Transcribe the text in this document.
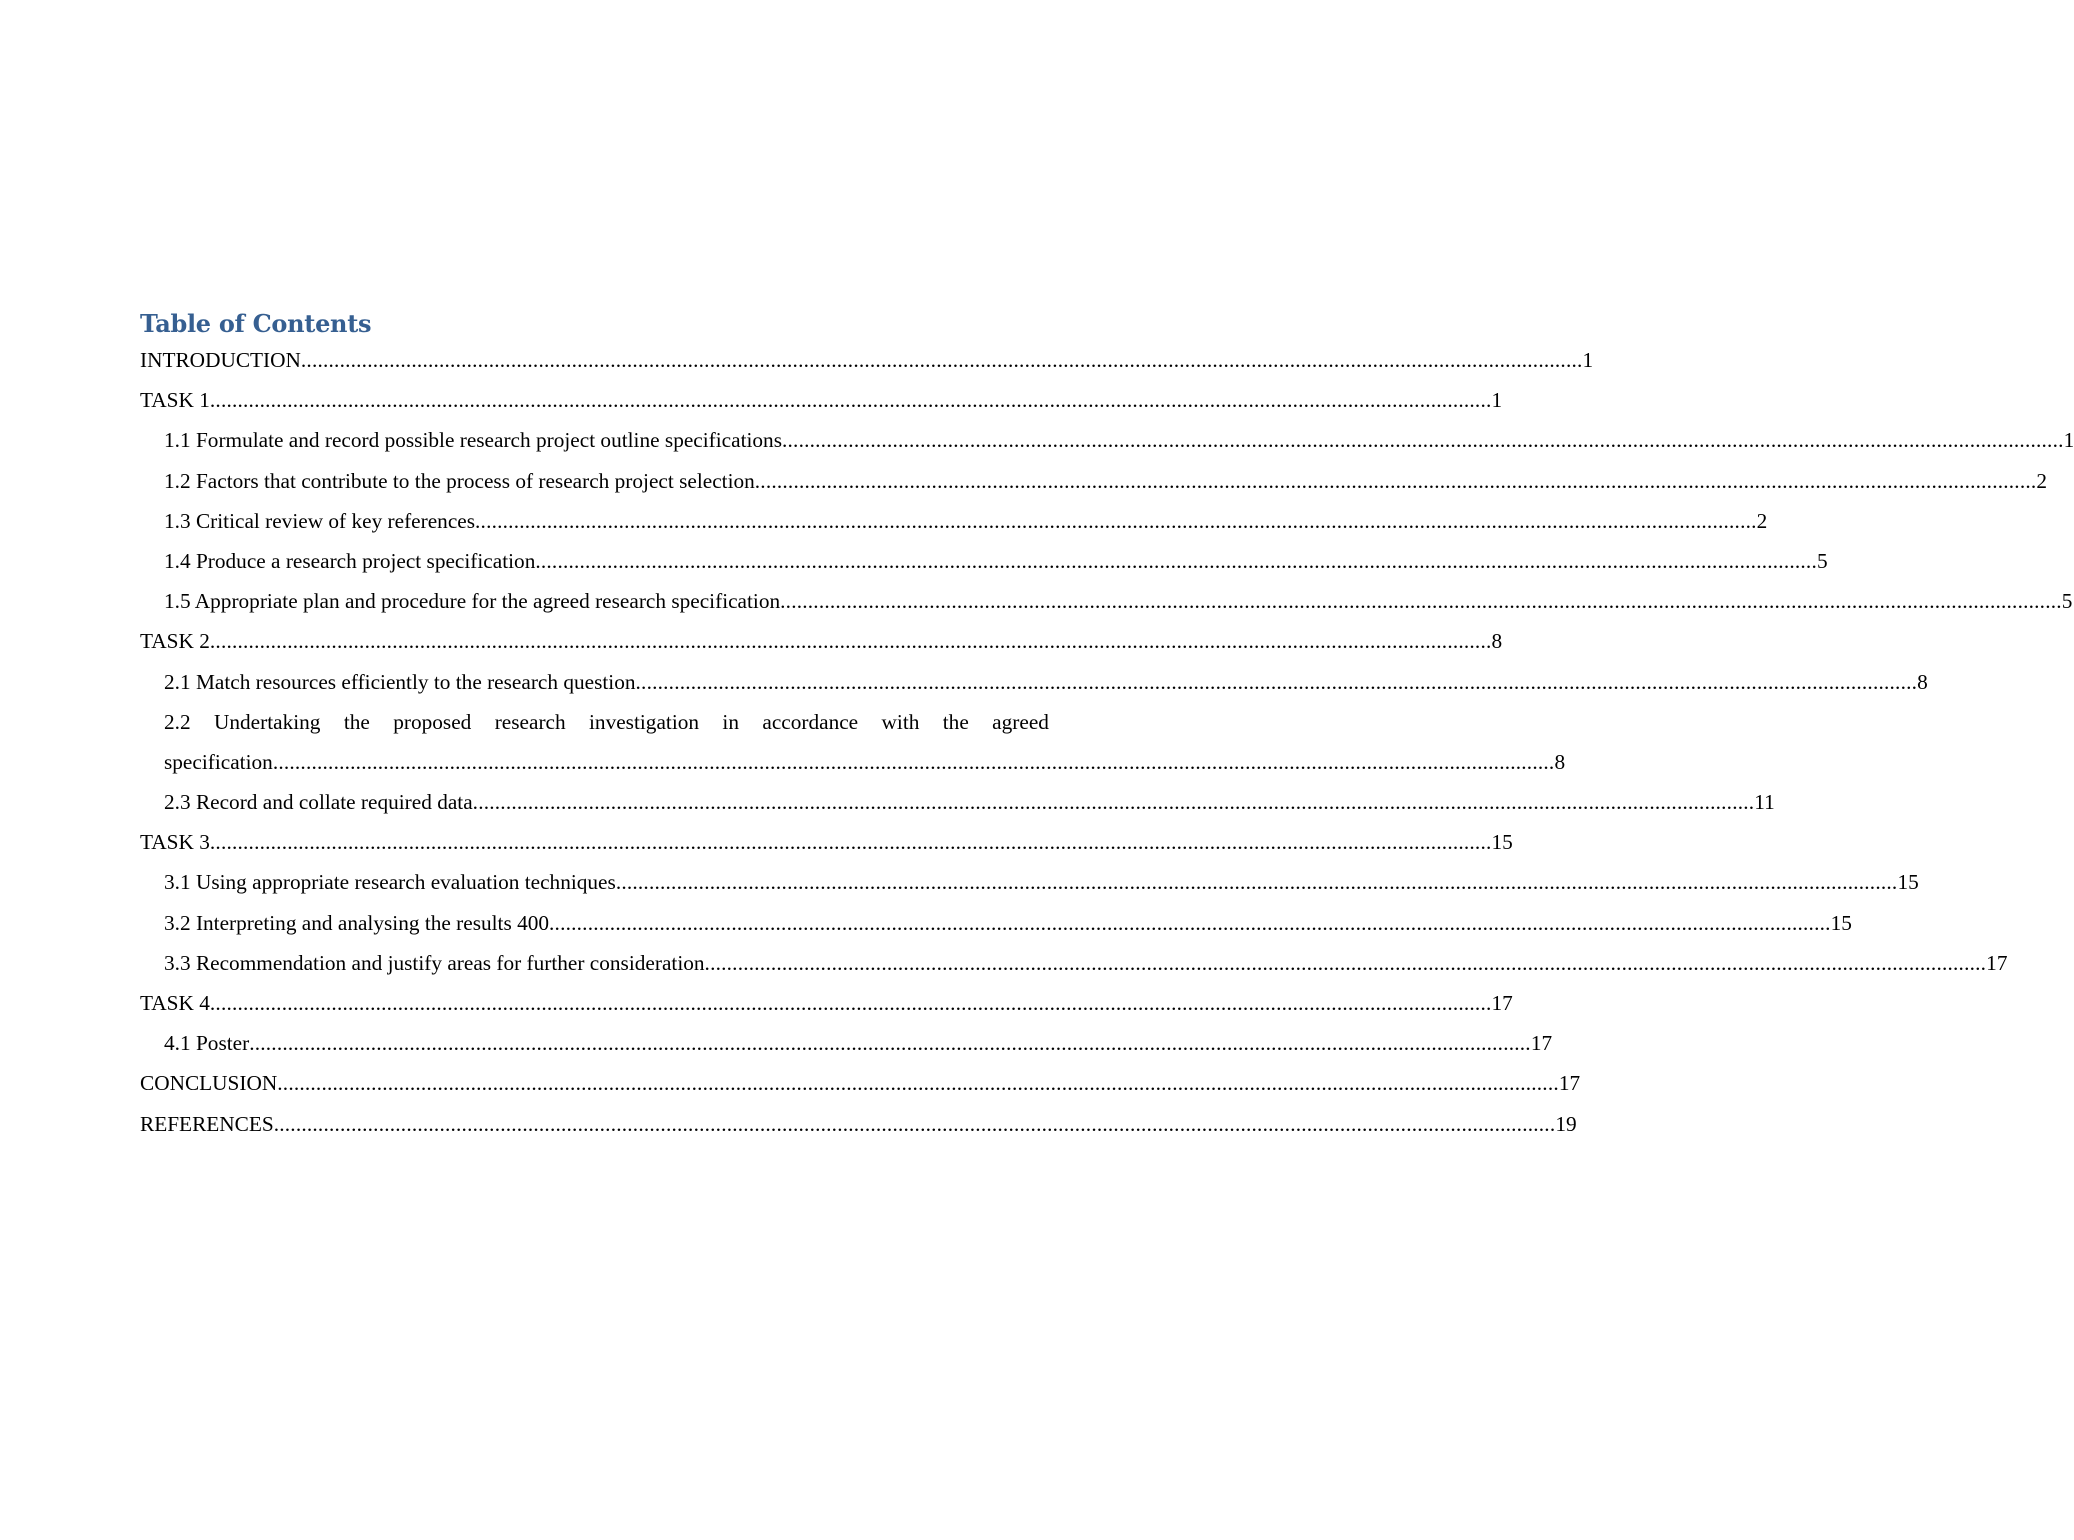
Table of Contents
INTRODUCTION ........................................................................................................................................................................................................................................ 1
TASK 1 ........................................................................................................................................................................................................................................ 1
1.1 Formulate and record possible research project outline specifications ........................................................................................................................................................................................................................................ 1
1.2 Factors that contribute to the process of research project selection ........................................................................................................................................................................................................................................ 2
1.3 Critical review of key references ........................................................................................................................................................................................................................................ 2
1.4 Produce a research project specification ........................................................................................................................................................................................................................................ 5
1.5 Appropriate plan and procedure for the agreed research specification ........................................................................................................................................................................................................................................ 5
TASK 2 ........................................................................................................................................................................................................................................ 8
2.1 Match resources efficiently to the research question ........................................................................................................................................................................................................................................ 8
2.2 Undertaking the proposed research investigation in accordance with the agreed
specification ........................................................................................................................................................................................................................................ 8
2.3 Record and collate required data ........................................................................................................................................................................................................................................ 11
TASK 3 ........................................................................................................................................................................................................................................ 15
3.1 Using appropriate research evaluation techniques ........................................................................................................................................................................................................................................ 15
3.2 Interpreting and analysing the results 400 ........................................................................................................................................................................................................................................ 15
3.3 Recommendation and justify areas for further consideration ........................................................................................................................................................................................................................................ 17
TASK 4 ........................................................................................................................................................................................................................................ 17
4.1 Poster ........................................................................................................................................................................................................................................ 17
CONCLUSION ........................................................................................................................................................................................................................................ 17
REFERENCES ........................................................................................................................................................................................................................................ 19
